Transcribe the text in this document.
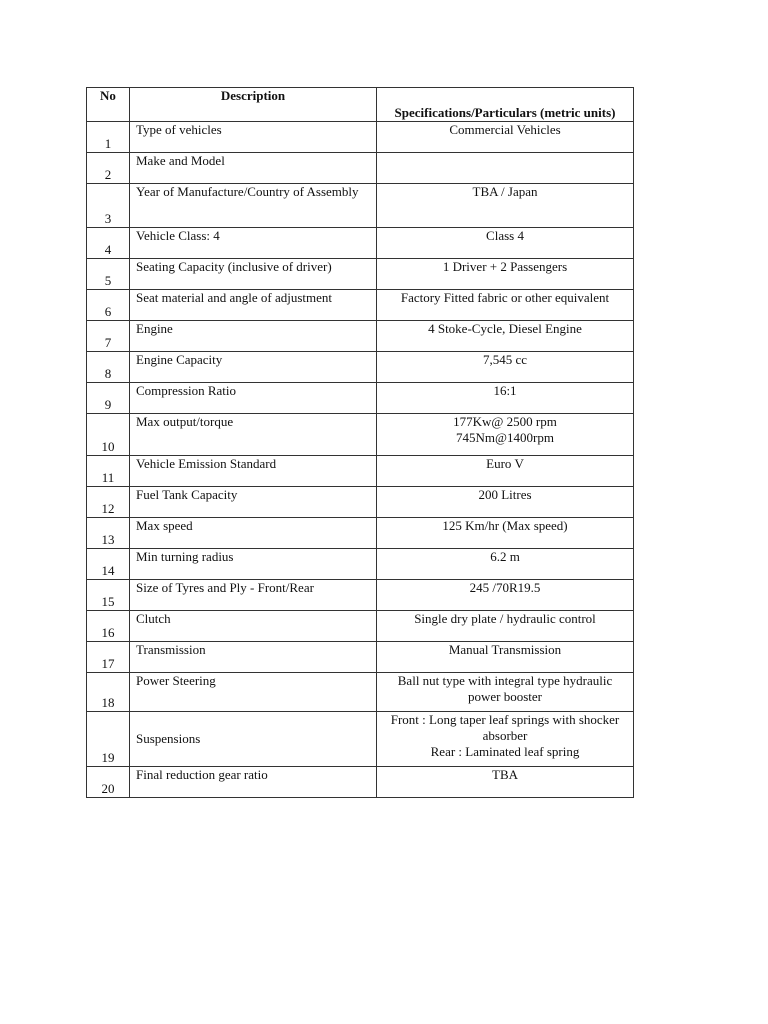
No	Description	Specifications/Particulars (metric units)
1	Type of vehicles	Commercial Vehicles

2	Make and Model	

3	Year of Manufacture/Country of Assembly	TBA / Japan

4	Vehicle Class: 4	Class 4

5	Seating Capacity (inclusive of driver)	1 Driver + 2 Passengers

6	Seat material and angle of adjustment	Factory Fitted fabric or other equivalent

7	Engine	4 Stoke-Cycle, Diesel Engine

8	Engine Capacity	7,545 cc

9	Compression Ratio	16:1

10	Max output/torque	177Kw@ 2500 rpm
745Nm@1400rpm

11	Vehicle Emission Standard	Euro V

12	Fuel Tank Capacity	200 Litres

13	Max speed	125 Km/hr (Max speed)

14	Min turning radius	6.2 m

15	Size of Tyres and Ply - Front/Rear	245 /70R19.5

16	Clutch	Single dry plate / hydraulic control

17	Transmission	Manual Transmission

18	Power Steering	Ball nut type with integral type hydraulic power booster

19	Suspensions	Front : Long taper leaf springs with shocker absorber
Rear : Laminated leaf spring

20	Final reduction gear ratio	TBA
